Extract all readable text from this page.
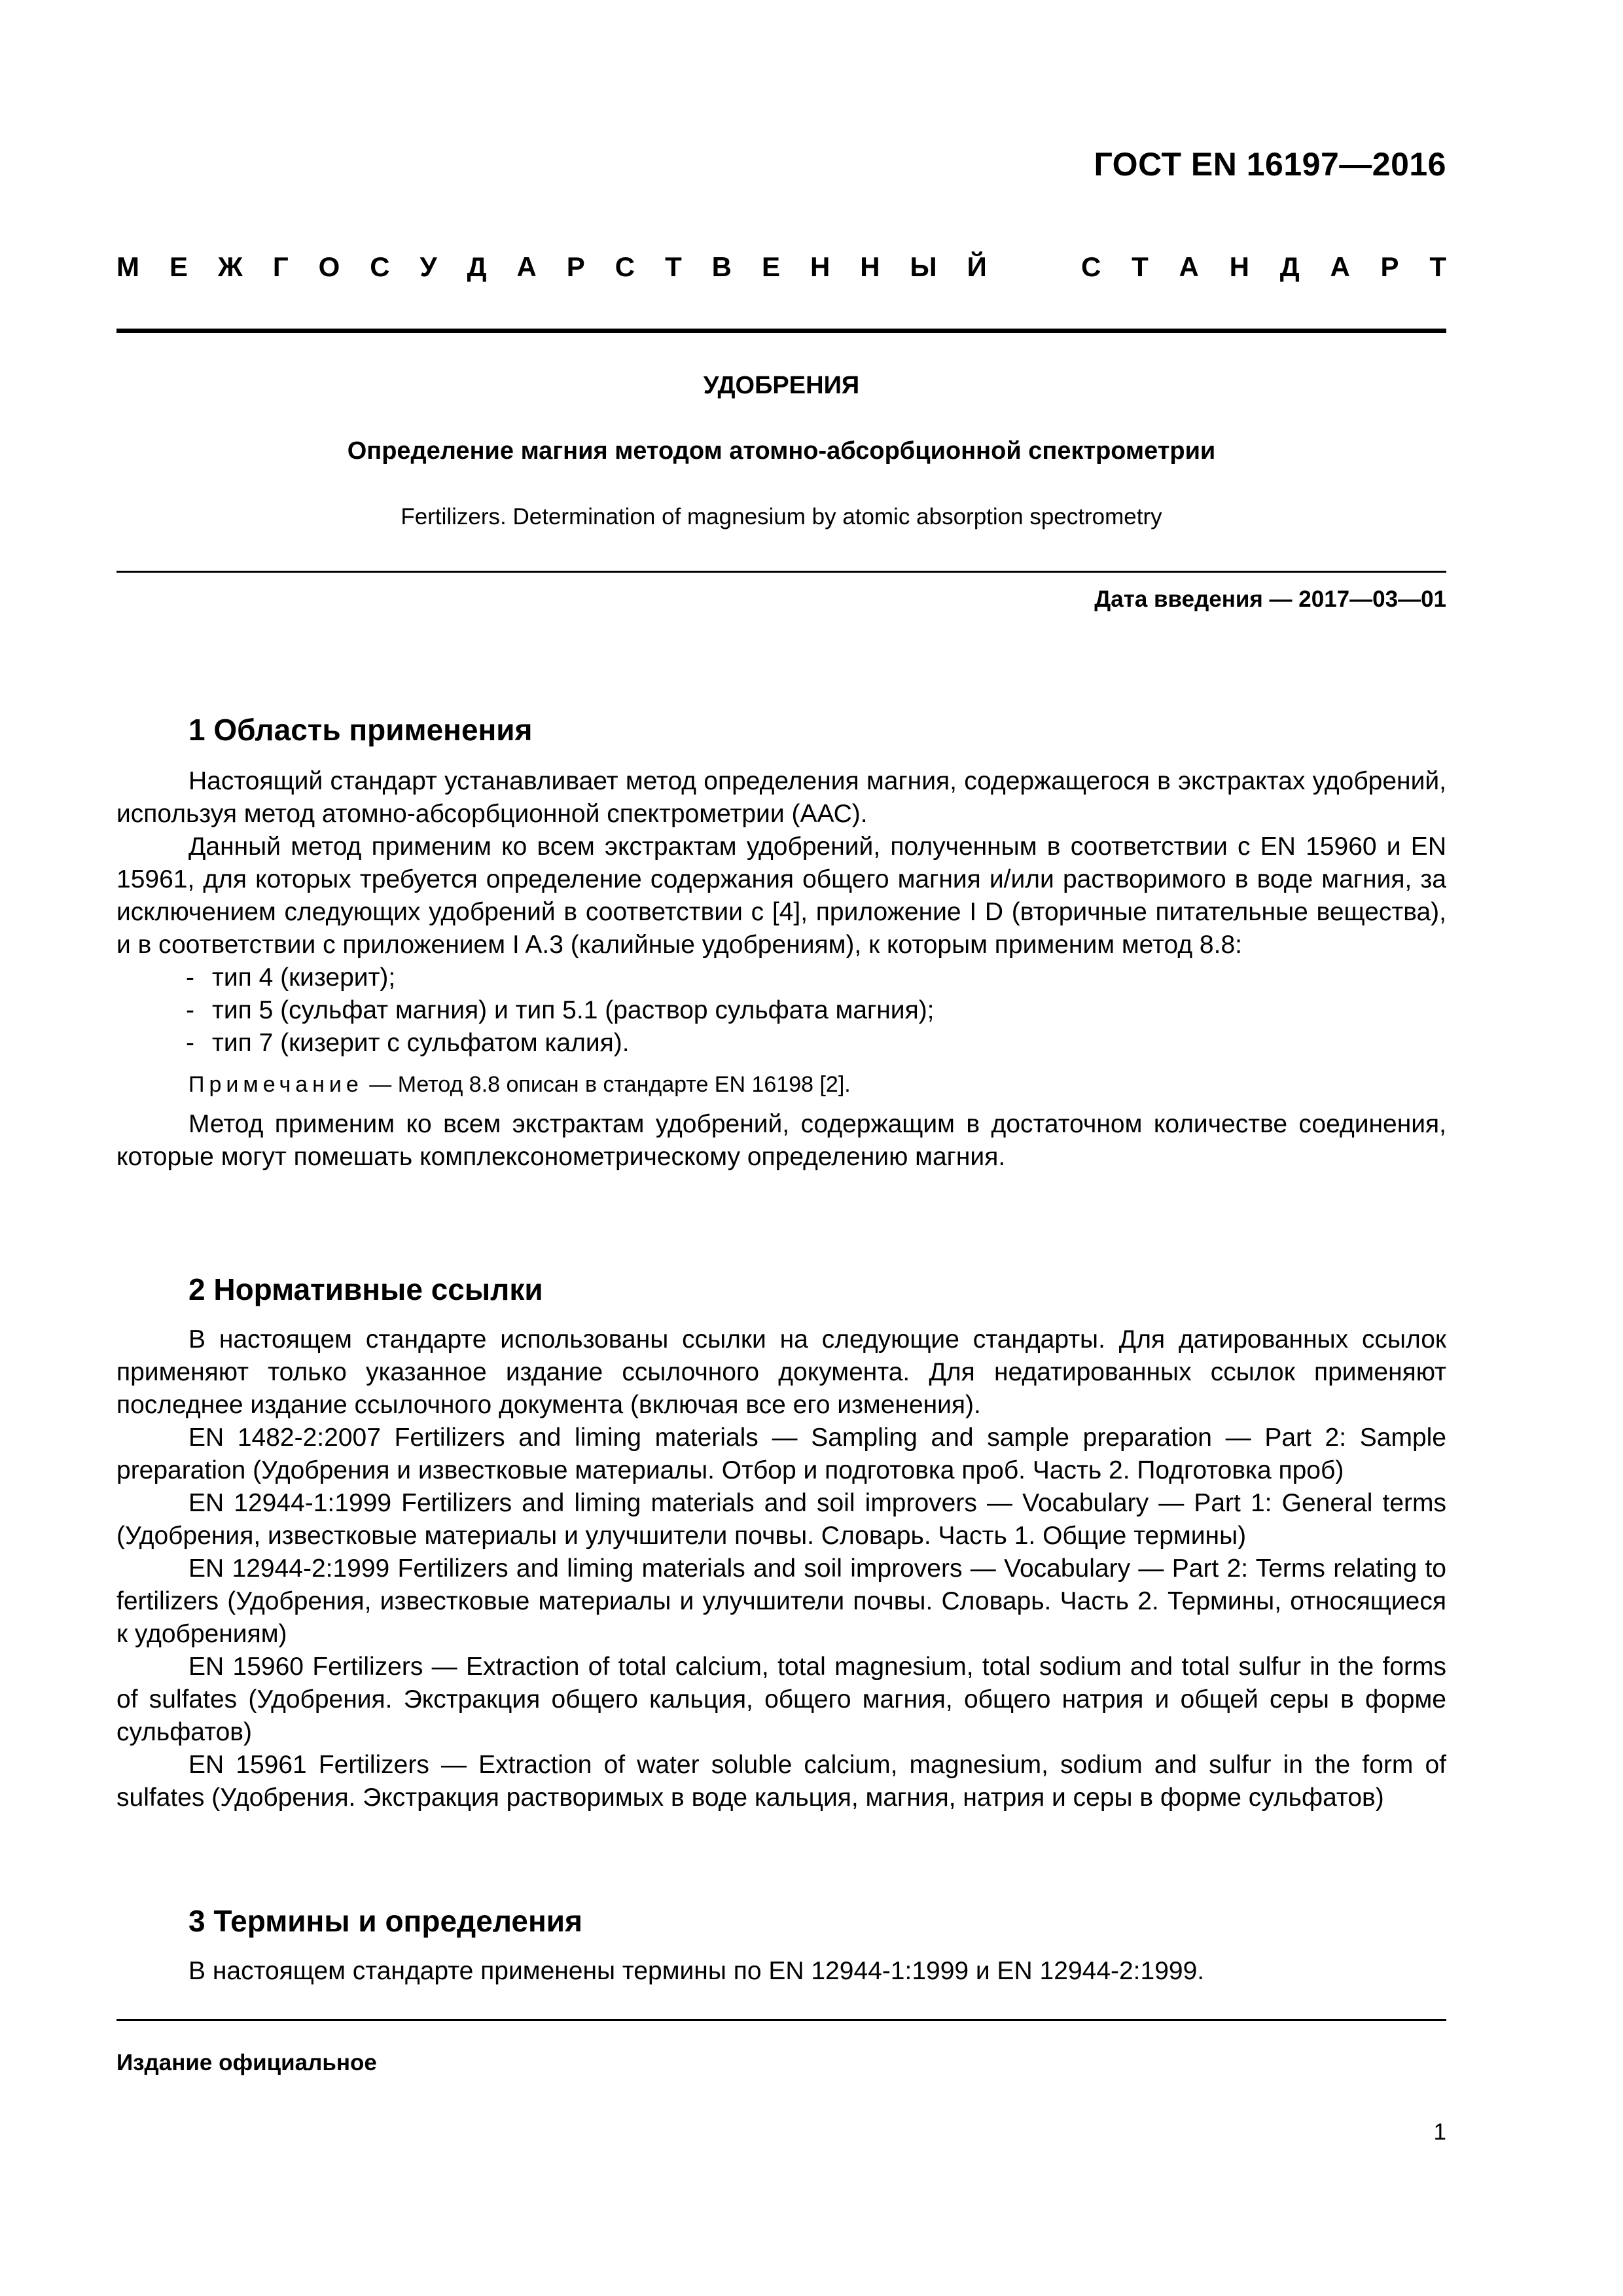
ГОСТ EN 16197—2016
М Е Ж Г О С У Д А Р С Т В Е Н Н Ы Й	С Т А Н Д А Р Т
УДОБРЕНИЯ
Определение магния методом атомно-абсорбционной спектрометрии
Fertilizers. Determination of magnesium by atomic absorption spectrometry
Дата введения — 2017—03—01
1 Область применения

Настоящий стандарт устанавливает метод определения магния, содержащегося в экстрактах удобрений, используя метод атомно-абсорбционной спектрометрии (ААС).

Данный метод применим ко всем экстрактам удобрений, полученным в соответствии с EN 15960 и EN 15961, для которых требуется определение содержания общего магния и/или растворимого в воде магния, за исключением следующих удобрений в соответствии с [4], приложение I D (вторичные питательные вещества), и в соответствии с приложением I A.3 (калийные удобрениям), к которым применим метод 8.8:

- тип 4 (кизерит);
- тип 5 (сульфат магния) и тип 5.1 (раствор сульфата магния);
- тип 7 (кизерит с сульфатом калия).

Примечание — Метод 8.8 описан в стандарте EN 16198 [2].

Метод применим ко всем экстрактам удобрений, содержащим в достаточном количестве соединения, которые могут помешать комплексонометрическому определению магния.

2 Нормативные ссылки

В настоящем стандарте использованы ссылки на следующие стандарты. Для датированных ссылок применяют только указанное издание ссылочного документа. Для недатированных ссылок применяют последнее издание ссылочного документа (включая все его изменения).

EN 1482-2:2007 Fertilizers and liming materials — Sampling and sample preparation — Part 2: Sample preparation (Удобрения и известковые материалы. Отбор и подготовка проб. Часть 2. Подготовка проб)

EN 12944-1:1999 Fertilizers and liming materials and soil improvers — Vocabulary — Part 1: General terms (Удобрения, известковые материалы и улучшители почвы. Словарь. Часть 1. Общие термины)

EN 12944-2:1999 Fertilizers and liming materials and soil improvers — Vocabulary — Part 2: Terms relating to fertilizers (Удобрения, известковые материалы и улучшители почвы. Словарь. Часть 2. Термины, относящиеся к удобрениям)

EN 15960 Fertilizers — Extraction of total calcium, total magnesium, total sodium and total sulfur in the forms of sulfates (Удобрения. Экстракция общего кальция, общего магния, общего натрия и общей серы в форме сульфатов)

EN 15961 Fertilizers — Extraction of water soluble calcium, magnesium, sodium and sulfur in the form of sulfates (Удобрения. Экстракция растворимых в воде кальция, магния, натрия и серы в форме сульфатов)

3 Термины и определения

В настоящем стандарте применены термины по EN 12944-1:1999 и EN 12944-2:1999.

Издание официальное
1
